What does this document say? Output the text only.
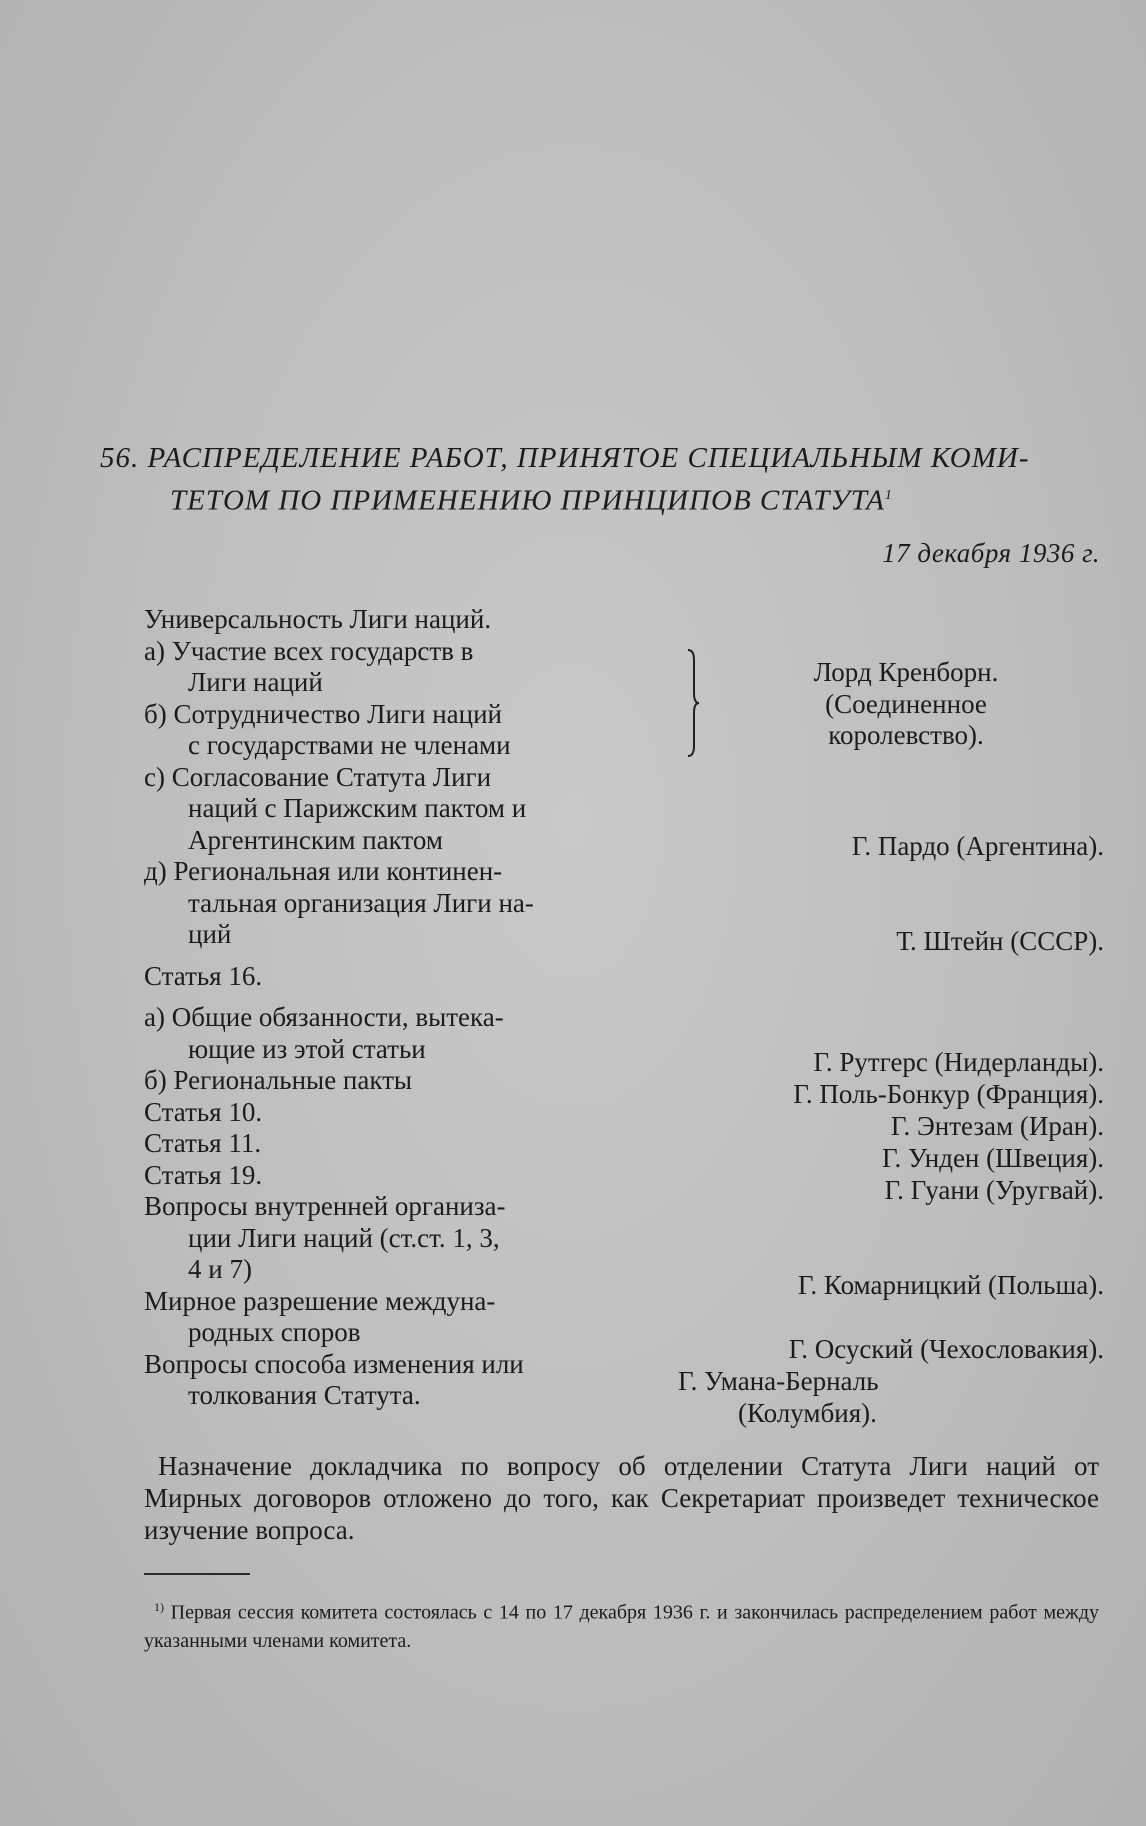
56. РАСПРЕДЕЛЕНИЕ РАБОТ, ПРИНЯТОЕ СПЕЦИАЛЬНЫМ КОМИ-
ТЕТОМ ПО ПРИМЕНЕНИЮ ПРИНЦИПОВ СТАТУТА$^1$
17 декабря 1936 г.
Универсальность Лиги наций.
а) Участие всех государств в
Лиги наций
б) Сотрудничество Лиги наций
с государствами не членами
с) Согласование Статута Лиги
наций с Парижским пактом и
Аргентинским пактом
д) Региональная или континен-
тальная организация Лиги на-
ций
Статья 16.
а) Общие обязанности, вытека-
ющие из этой статьи
б) Региональные пакты
Статья 10.
Статья 11.
Статья 19.
Вопросы внутренней организа-
ции Лиги наций (ст.ст. 1, 3,
4 и 7)
Мирное разрешение междуна-
родных споров
Вопросы способа изменения или
толкования Статута.
Лорд Кренборн.
(Соединенное
королевство).
Г. Пардо (Аргентина).
Т. Штейн (СССР).
Г. Рутгерс (Нидерланды).
Г. Поль-Бонкур (Франция).
Г. Энтезам (Иран).
Г. Унден (Швеция).
Г. Гуани (Уругвай).
Г. Комарницкий (Польша).
Г. Осуский (Чехословакия).
Г. Умана-Берналь
(Колумбия).
Назначение докладчика по вопросу об отделении Статута Лиги наций от Мирных договоров отложено до того, как Секретариат произведет техническое изучение вопроса.
$^{1)}$ Первая сессия комитета состоялась с 14 по 17 декабря 1936 г. и закончилась распределением работ между указанными членами комитета.
